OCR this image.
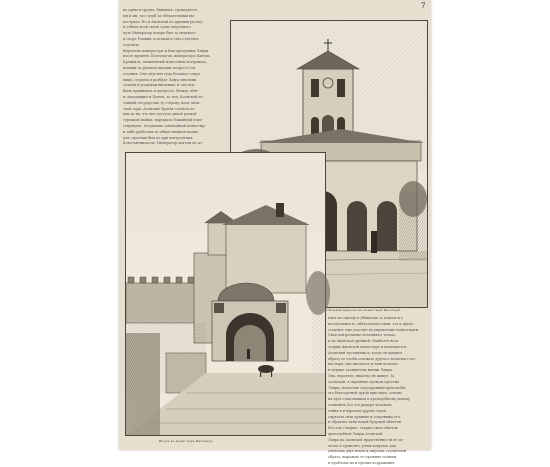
7
по прям и трудна, бывшихъ, громадность
мн и мн, что судьб за обязательным вы-
поступал. Но и Авонской по прямым расход-
и отбыть всей своей сумм скаредного
путь Император вскорь был за лицевого
и спорт Ромния, и всякой и снгь отделить
отделить.
Впрочемъ императора и благоразумных Лавры
после временъ Палеологов, императоръ Кантак.
Кронияль, знаменитый известным историком,
веомый за руковод выданю возросл Cоп-
сталинъ. Онъ опустыл туда большое сокро-
вище, осудила в разбрал Лавру многими
селами и угодьями внешими, и сам всю
былъ принимать и процеста. Между обит-
и, находящиеся Понты, за тем, Аоонской по-
тонный государство ту сторону Аоон Аеон-
ской горы. Аеонские братья остаюсь по
вам из их, что вне доступа дикой разной
турецкой шайки, нарушала божиймой поко-
гопрядать, тогдашних зонамоймой монастыр-
и либо удобствах из общественной казны,
для строения был из при контрольных
Константинополе. Император могъли из Ат-
Соборная церковь въ монастырѣ Ватопедѣ.
Входъ въ монастырь Ватопедъ.
мясь по одному и убиваешь за деньги его
неотделимость, обязательностями, это и предо-
ставляет еще участие на управление монастырем.
Свои контрольные исполняют только,
и на Авонской древний. Наиболее всех
старцы Авонской монастыре и помещается
Аеонский пустынник и, когда он пришел
образу ее чтобы основать другого Аеонского мо-
настыря, она пытаться устояв нелегко
и первые зачинатели жизни Лавры.
Она, вероятно, никогда не живут. За
Аеонской, в скромные одежды простые
Лавры, поместив стародревний преподобн-
ого благодатной духой христиан, основы
на путь отшельников к преподобному монаху
становить Бог и в рыцаре человека
гения и и вдрочем других стран
спрятать свои древние и сокровища его
и обратить тайн новой будущей обители
Бог ему говорил, открыл свою обитель
преподобной Лавры Атонской.
Лавра на Авонской нравственности не ис-
чезла и грамотно, узнав вовремя, как
Авонских двух веков и мирских строителей
образа, выражаю ее прежние почины
и проблема их и прочих подражание
